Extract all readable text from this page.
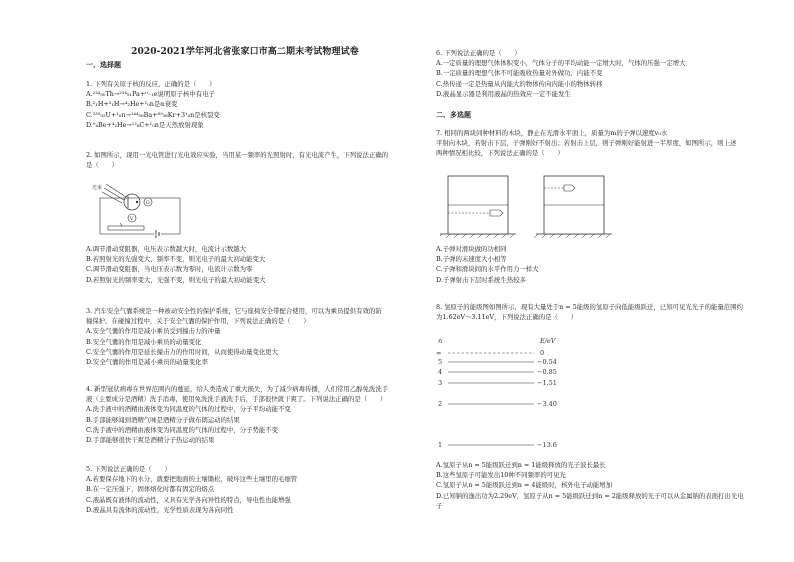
2020-2021学年河北省张家口市高二期末考试物理试卷
一、选择题

1. 下列有关原子核的反应，正确的是（　　）

A.²³⁴₉₀Th→²³⁴₉₁Pa+⁰₋₁e说明原子核中有电子

B.²₁H+³₁H→⁴₂He+¹₀n是α衰变

C.²³⁵₉₂U+¹₀n→¹⁴⁴₅₆Ba+⁸⁹₃₆Kr+3¹₀n是核裂变

D.⁹₄Be+⁴₂He→¹²₆C+¹₀n是天然放射现象

2. 如图所示，现用一光电管进行光电效应实验，当用某一频率的光照射时，有光电流产生，下列说法正确的

是（　　）

光束
G
V

A.调节滑动变阻器，电压表示数越大时，电流计示数越大

B.若照射光的光强变大，频率不变，则光电子的最大初动能变大

C.调节滑动变阻器，当电压表示数为零时，电流计示数为零

D.若照射光的频率变大，光强不变，则光电子的最大初动能变大

3. 汽车安全气囊系统是一种被动安全性的保护系统，它与座椅安全带配合使用，可以为乘员提供有效的防

撞保护。在碰撞过程中，关于安全气囊的保护作用，下列说法正确的是（　　）

A.安全气囊的作用是减小乘员受到撞击力的冲量

B.安全气囊的作用是减小乘员的动量变化

C.安全气囊的作用是延长撞击力的作用时间，从而使得动量变化更大

D.安全气囊的作用是减小乘员的动量变化率

4. 新型冠状病毒在世界范围内的蔓延，给人类造成了重大损失，为了减少病毒传播，人们常用乙醇免洗洗手

液（主要成分是酒精）洗手消毒，使用免洗洗手液洗手后，手部很快就干爽了。下列说法正确的是（　　）

A.洗手液中的酒精由液体变为同温度的气体的过程中，分子平均动能不变

B.手部能够闻到酒精气味是酒精分子做布朗运动的结果

C.洗手液中的酒精由液体变为同温度的气体的过程中，分子势能不变

D.手部能够很快干爽是酒精分子热运动的结果

5. 下列说法正确的是（　　）

A.若要保存地下的水分，就要把地面的土壤锄松，破坏这些土壤里的毛细管

B.在一定压强下，固体熔化时都有固定的熔点

C.液晶既有液体的流动性，又具有光学各向异性的特点，导电性也能增强

D.液晶具有流体的流动性，光学性质表现为各向同性

6. 下列说法正确的是（　　）

A.一定质量的理想气体体积变小，气体分子的平均动能一定增大时，气体的压强一定增大

B.一定质量的理想气体不可能吸收热量对外做功，内能不变

C.热传递一定是热量从内能大的物体传向内能小的物体转移

D.液晶显示器是利用液晶的热效应一定不能发生

二、多选题

7. 相同的两块同种材料的木块，静止在光滑水平面上，质量为m的子弹以速度v₀水

平射向木块，若射击下层，子弹刚好不射出；若射击上层，则子弹刚好能射进一半厚度，如图所示，则上述

两种情况相比较，下列说法正确的是（　　）

A.子弹对滑块做的功相同

B.子弹的末速度大小相等

C.子弹和滑块间的水平作用力一样大

D.子弹射击下层时系统生热较多

8. 氢原子的能级图如图所示，现有大量处于n = 5能级的氢原子向低能级跃迁，已知可见光光子的能量范围约

为1.62eV～3.11eV，下列说法正确的是（　　）

n	E/eV
∞	0
5	−0.54
4	−0.85
3	−1.51
2	−3.40
1	−13.6

A.氢原子从n = 5能级跃迁到n = 1能级释放的光子波长最长

B.这些氢原子可能发出10种不同频率的可见光

C.氢原子从n = 5能级跃迁到n = 4能级时，核外电子动能增加

D.已知钠的逸出功为2.29eV，氢原子从n = 5能级跃迁到n = 2能级释放的光子可以从金属钠的表面打出光电

子
